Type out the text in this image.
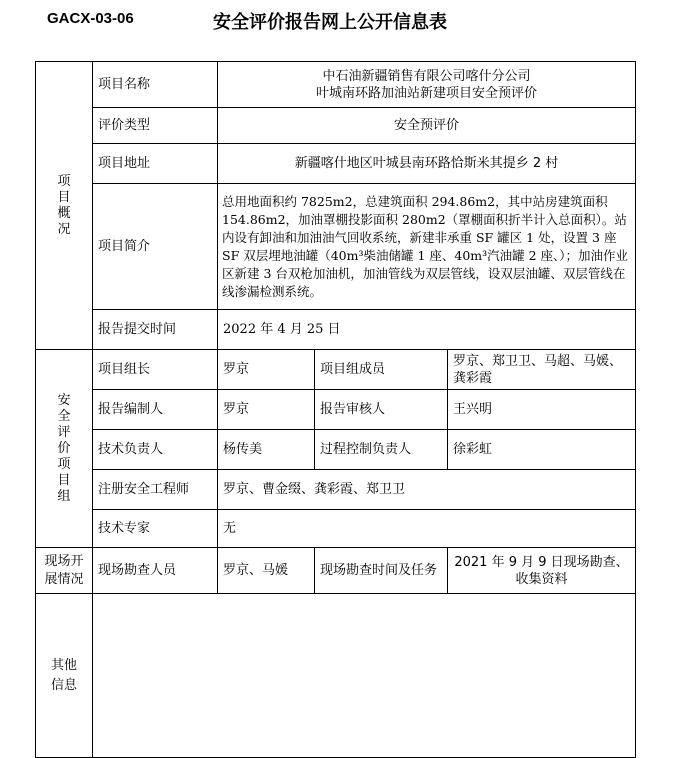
GACX-03-06	安全评价报告网上公开信息表
项目概况	项目名称	中石油新疆销售有限公司喀什分公司
叶城南环路加油站新建项目安全预评价		

	评价类型	安全预评价		
	项目地址	新疆喀什地区叶城县南环路恰斯米其提乡 2 村		
	项目简介	总用地面积约 7825m2，总建筑面积 294.86m2，其中站房建筑面积 154.86m2，加油罩棚投影面积 280m2（罩棚面积折半计入总面积）。站内设有卸油和加油油气回收系统，新建非承重 SF 罐区 1 处，设置 3 座 SF 双层埋地油罐（40m³柴油储罐 1 座、40m³汽油罐 2 座、）；加油作业区新建 3 台双枪加油机，加油管线为双层管线，设双层油罐、双层管线在线渗漏检测系统。		
	报告提交时间	2022 年 4 月 25 日		
安全评价项目组	项目组长	罗京	项目组成员	罗京、郑卫卫、马超、马媛、龚彩霞
	报告编制人	罗京	报告审核人	王兴明
	技术负责人	杨传美	过程控制负责人	徐彩虹
	注册安全工程师	罗京、曹金缀、龚彩霞、郑卫卫		
	技术专家	无		

现场开展情况	现场勘查人员	罗京、马媛	现场勘查时间及任务	2021 年 9 月 9 日现场勘查、收集资料

其他信息				
